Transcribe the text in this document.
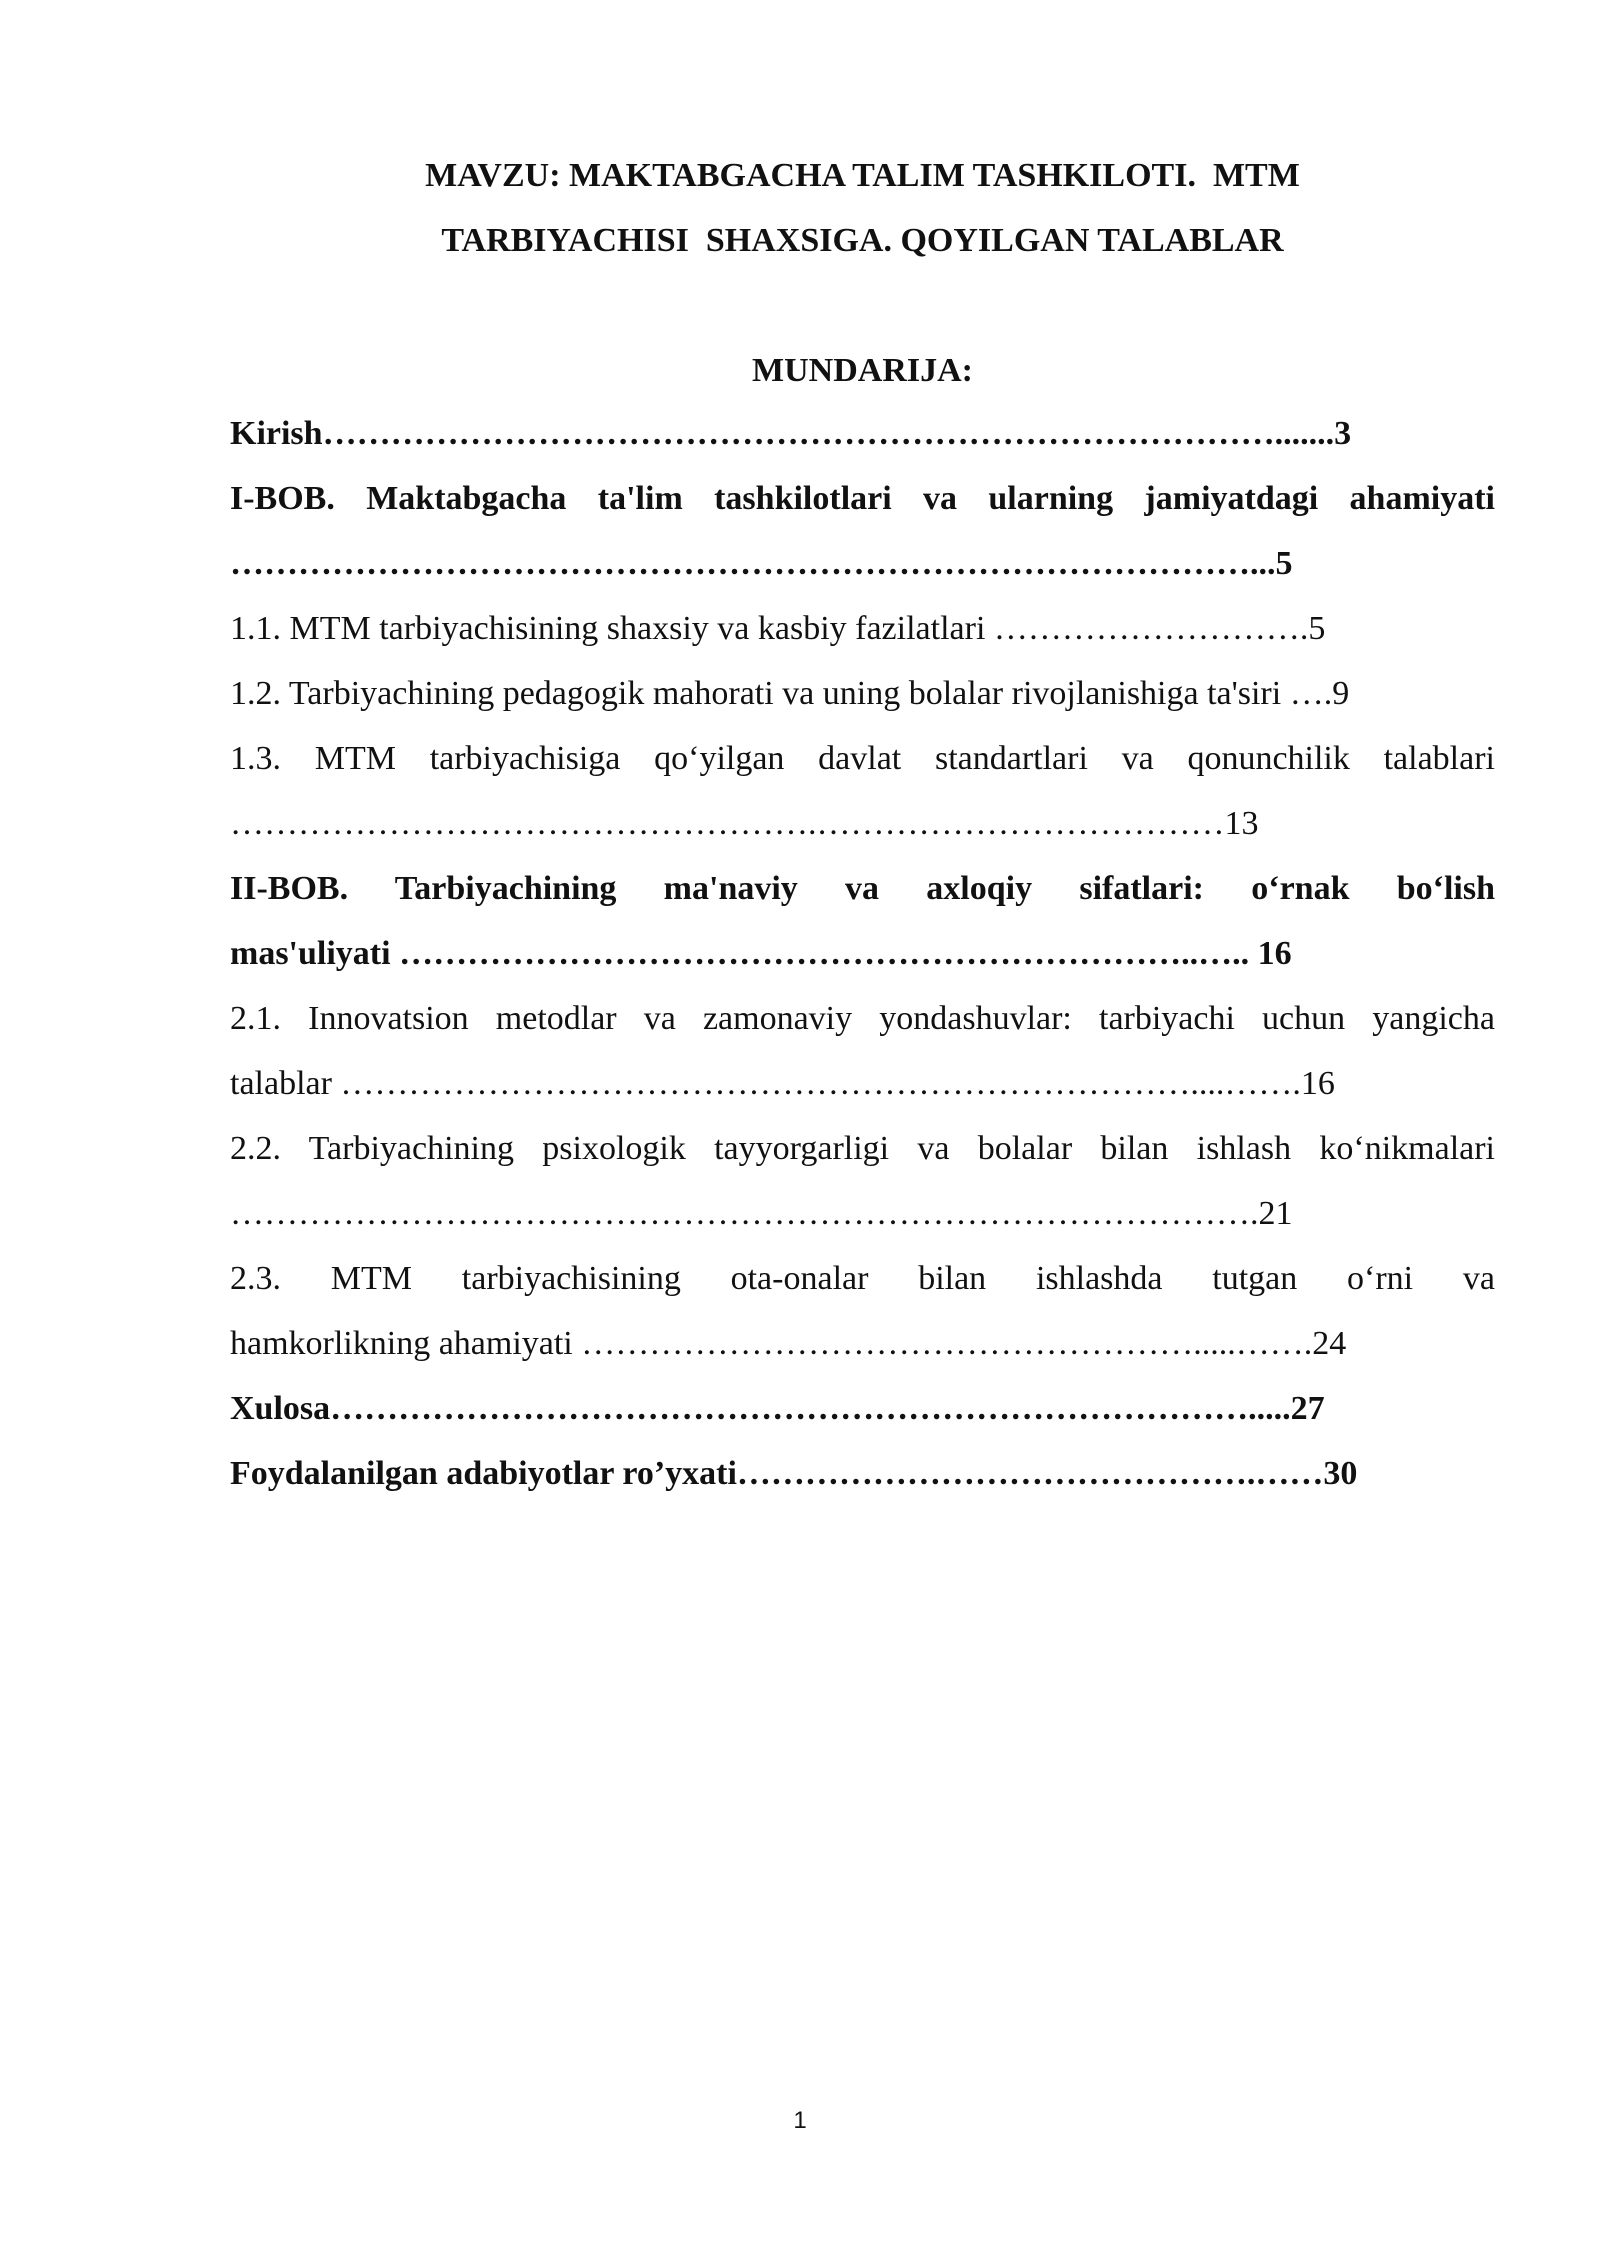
MAVZU: MAKTABGACHA TALIM TASHKILOTI.  MTM
TARBIYACHISI  SHAXSIGA. QOYILGAN TALABLAR
MUNDARIJA:
Kirish………………………………………………………………………….......3
I-BOB. Maktabgacha ta'lim tashkilotlari va ularning jamiyatdagi ahamiyati
………………………………………………………………………………...5
1.1. MTM tarbiyachisining shaxsiy va kasbiy fazilatlari ……………………….5
1.2. Tarbiyachining pedagogik mahorati va uning bolalar rivojlanishiga ta'siri ….9
1.3. MTM tarbiyachisiga qo‘yilgan davlat standartlari va qonunchilik talablari
…………………………………………….………………………………13
II-BOB. Tarbiyachining ma'naviy va axloqiy sifatlari: o‘rnak bo‘lish
mas'uliyati ……………………………………………………………..….. 16
2.1. Innovatsion metodlar va zamonaviy yondashuvlar: tarbiyachi uchun yangicha
talablar …………………………………………………………………....…….16
2.2. Tarbiyachining psixologik tayyorgarligi va bolalar bilan ishlash ko‘nikmalari
……………………………………………………………………………….21
2.3. MTM tarbiyachisining ota-onalar bilan ishlashda tutgan o‘rni va
hamkorlikning ahamiyati ……………………………………………….....…….24
Xulosa……………………………………………………………………….....27
Foydalanilgan adabiyotlar ro’yxati……………………………………….……30
1
